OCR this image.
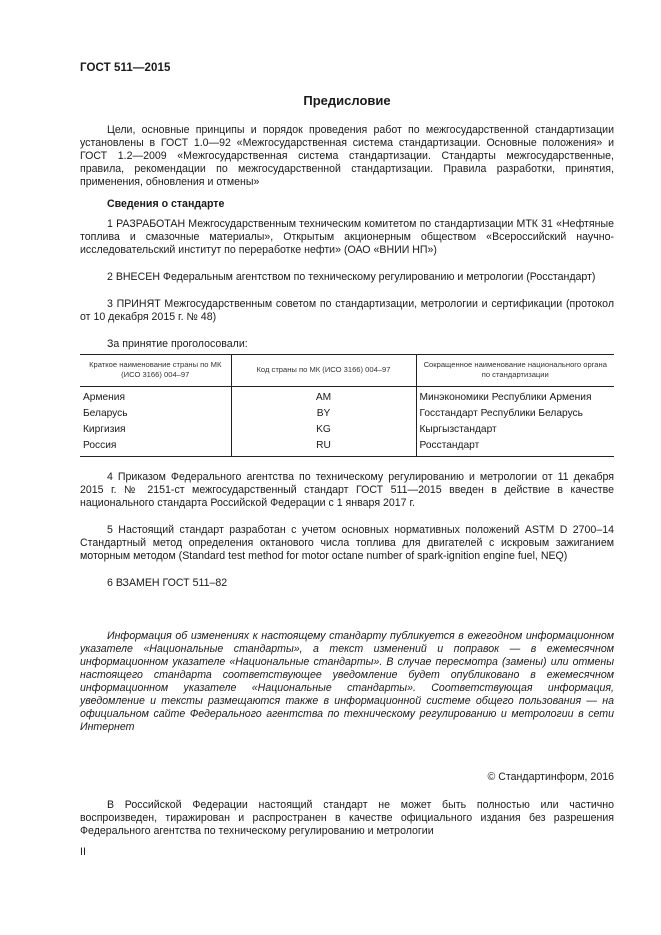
ГОСТ 511—2015
Предисловие

Цели, основные принципы и порядок проведения работ по межгосударственной стандартизации установлены в ГОСТ 1.0—92 «Межгосударственная система стандартизации. Основные положения» и ГОСТ 1.2—2009 «Межгосударственная система стандартизации. Стандарты межгосударственные, правила, рекомендации по межгосударственной стандартизации. Правила разработки, принятия, применения, обновления и отмены»

Сведения о стандарте

1 РАЗРАБОТАН Межгосударственным техническим комитетом по стандартизации МТК 31 «Нефтяные топлива и смазочные материалы», Открытым акционерным обществом «Всероссийский научно-исследовательский институт по переработке нефти» (ОАО «ВНИИ НП»)

2 ВНЕСЕН Федеральным агентством по техническому регулированию и метрологии (Росстандарт)

3 ПРИНЯТ Межгосударственным советом по стандартизации, метрологии и сертификации (протокол от 10 декабря 2015 г. № 48)

За принятие проголосовали:

Краткое наименование страны по МК (ИСО 3166) 004–97	Код страны по МК (ИСО 3166) 004–97	Сокращенное наименование национального органа по стандартизации
Армения	AM	Минэкономики Республики Армения
Беларусь	BY	Госстандарт Республики Беларусь
Киргизия	KG	Кыргызстандарт
Россия	RU	Росстандарт

4 Приказом Федерального агентства по техническому регулированию и метрологии от 11 декабря 2015 г. № 2151-ст межгосударственный стандарт ГОСТ 511—2015 введен в действие в качестве национального стандарта Российской Федерации с 1 января 2017 г.

5 Настоящий стандарт разработан с учетом основных нормативных положений ASTM D 2700–14 Стандартный метод определения октанового числа топлива для двигателей с искровым зажиганием моторным методом (Standard test method for motor octane number of spark-ignition engine fuel, NEQ)

6 ВЗАМЕН ГОСТ 511–82

Информация об изменениях к настоящему стандарту публикуется в ежегодном информационном указателе «Национальные стандарты», а текст изменений и поправок — в ежемесячном информационном указателе «Национальные стандарты». В случае пересмотра (замены) или отмены настоящего стандарта соответствующее уведомление будет опубликовано в ежемесячном информационном указателе «Национальные стандарты». Соответствующая информация, уведомление и тексты размещаются также в информационной системе общего пользования — на официальном сайте Федерального агентства по техническому регулированию и метрологии в сети Интернет

© Стандартинформ, 2016

В Российской Федерации настоящий стандарт не может быть полностью или частично воспроизведен, тиражирован и распространен в качестве официального издания без разрешения Федерального агентства по техническому регулированию и метрологии

II
